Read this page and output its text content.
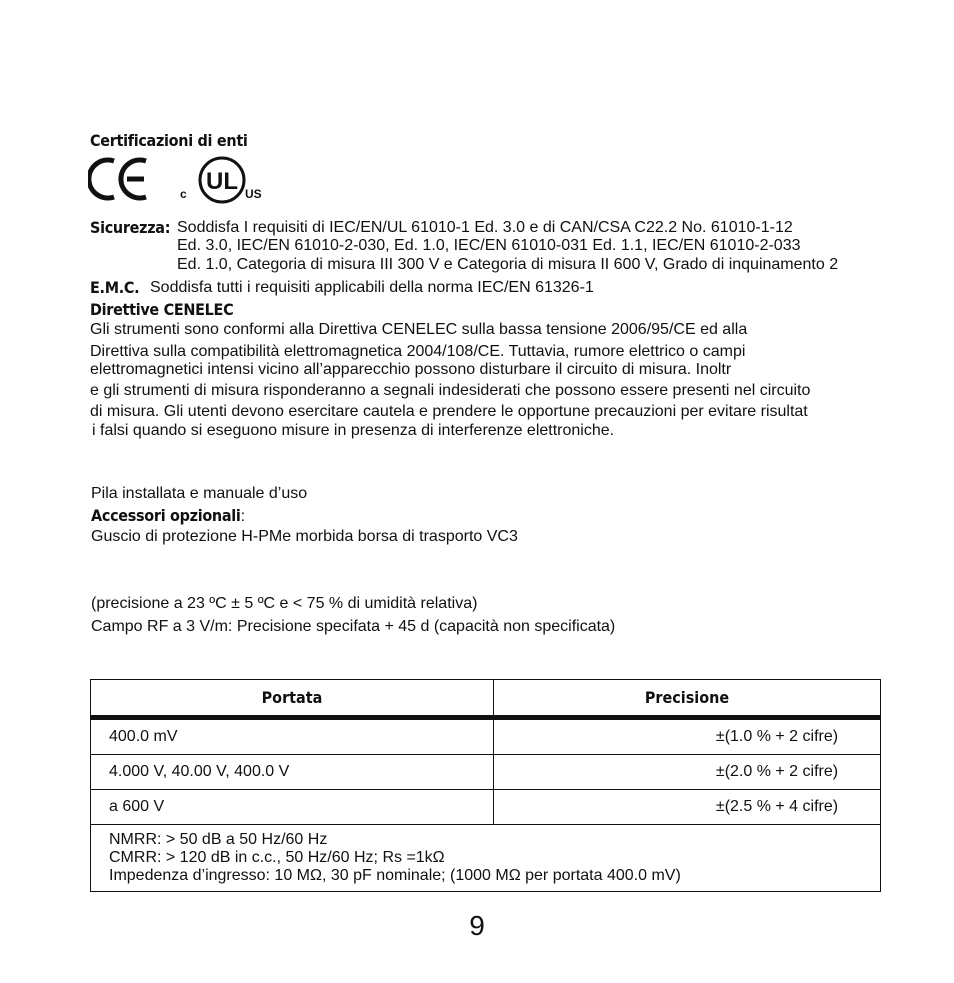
Certificazioni di enti
c UL US
Sicurezza: Soddisfa I requisiti di IEC/EN/UL 61010-1 Ed. 3.0 e di CAN/CSA C22.2 No. 61010-1-12
Ed. 3.0, IEC/EN 61010-2-030, Ed. 1.0, IEC/EN 61010-031 Ed. 1.1, IEC/EN 61010-2-033
Ed. 1.0, Categoria di misura III 300 V e Categoria di misura II 600 V, Grado di inquinamento 2
E.M.C. Soddisfa tutti i requisiti applicabili della norma IEC/EN 61326-1
Direttive CENELEC
Gli strumenti sono conformi alla Direttiva CENELEC sulla bassa tensione 2006/95/CE ed alla
Direttiva sulla compatibilità elettromagnetica 2004/108/CE. Tuttavia, rumore elettrico o campi
elettromagnetici intensi vicino all’apparecchio possono disturbare il circuito di misura. Inoltr
e gli strumenti di misura risponderanno a segnali indesiderati che possono essere presenti nel circuito
di misura. Gli utenti devono esercitare cautela e prendere le opportune precauzioni per evitare risultat
i falsi quando si eseguono misure in presenza di interferenze elettroniche.
Pila installata e manuale d’uso
Accessori opzionali:
Guscio di protezione H-PMe morbida borsa di trasporto VC3
(precisione a 23 ºC ± 5 ºC e < 75 % di umidità relativa)
Campo RF a 3 V/m: Precisione specifata + 45 d (capacità non specificata)
Portata	Precisione
400.0 mV	±(1.0 % + 2 cifre)
4.000 V, 40.00 V, 400.0 V	±(2.0 % + 2 cifre)
a 600 V	±(2.5 % + 4 cifre)

NMRR: > 50 dB a 50 Hz/60 Hz
CMRR: > 120 dB in c.c., 50 Hz/60 Hz; Rs =1kΩ
Impedenza d’ingresso: 10 MΩ, 30 pF nominale; (1000 MΩ per portata 400.0 mV)	
9
